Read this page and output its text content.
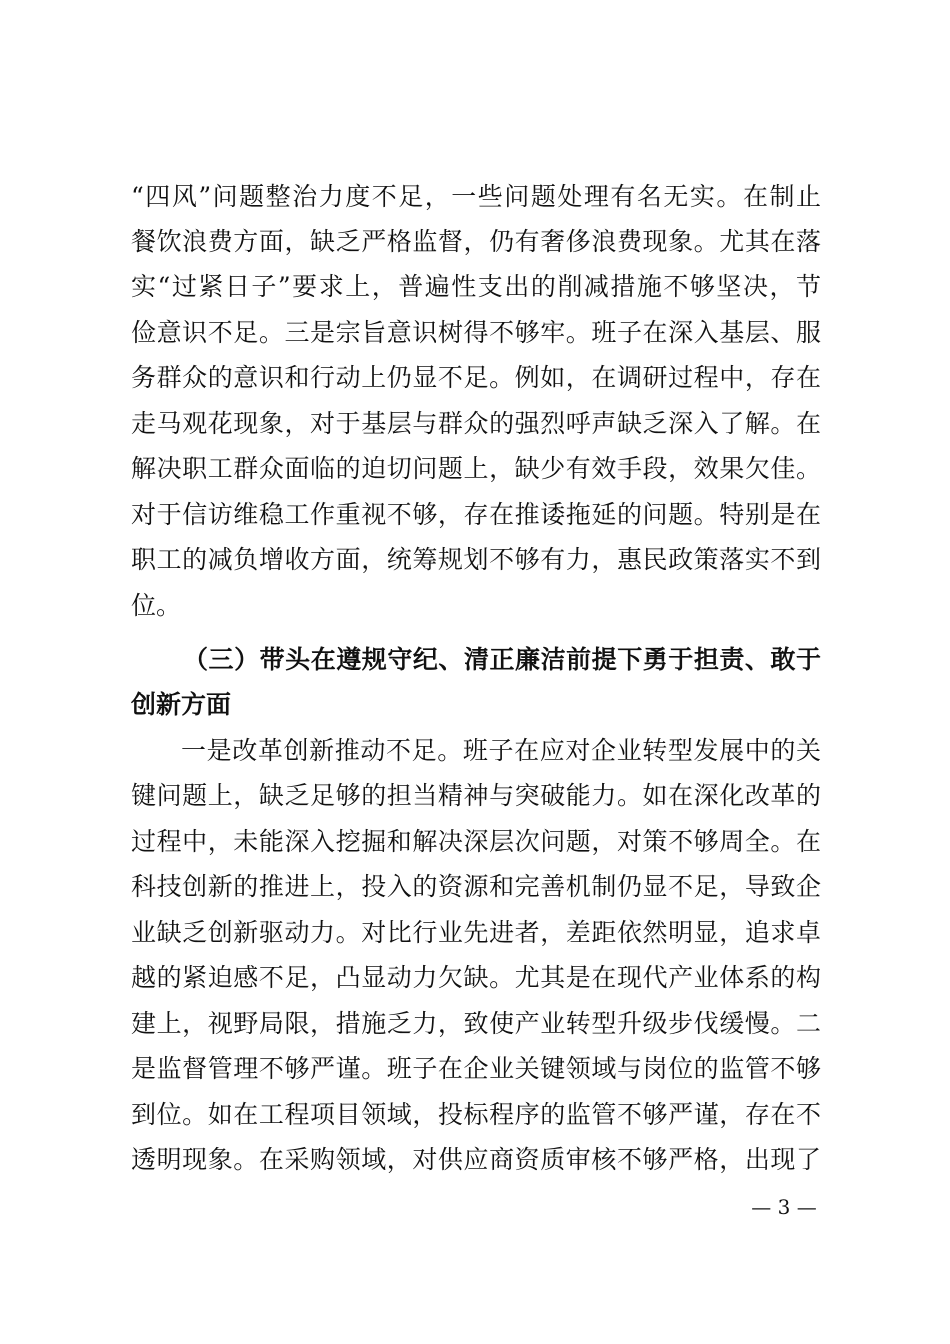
“四风”问题整治力度不足，一些问题处理有名无实。在制止
餐饮浪费方面，缺乏严格监督，仍有奢侈浪费现象。尤其在落
实“过紧日子”要求上，普遍性支出的削减措施不够坚决，节
俭意识不足。三是宗旨意识树得不够牢。班子在深入基层、服
务群众的意识和行动上仍显不足。例如，在调研过程中，存在
走马观花现象，对于基层与群众的强烈呼声缺乏深入了解。在
解决职工群众面临的迫切问题上，缺少有效手段，效果欠佳。
对于信访维稳工作重视不够，存在推诿拖延的问题。特别是在
职工的减负增收方面，统筹规划不够有力，惠民政策落实不到
位。
（三）带头在遵规守纪、清正廉洁前提下勇于担责、敢于
创新方面
一是改革创新推动不足。班子在应对企业转型发展中的关
键问题上，缺乏足够的担当精神与突破能力。如在深化改革的
过程中，未能深入挖掘和解决深层次问题，对策不够周全。在
科技创新的推进上，投入的资源和完善机制仍显不足，导致企
业缺乏创新驱动力。对比行业先进者，差距依然明显，追求卓
越的紧迫感不足，凸显动力欠缺。尤其是在现代产业体系的构
建上，视野局限，措施乏力，致使产业转型升级步伐缓慢。二
是监督管理不够严谨。班子在企业关键领域与岗位的监管不够
到位。如在工程项目领域，投标程序的监管不够严谨，存在不
透明现象。在采购领域，对供应商资质审核不够严格，出现了
— 3 —
